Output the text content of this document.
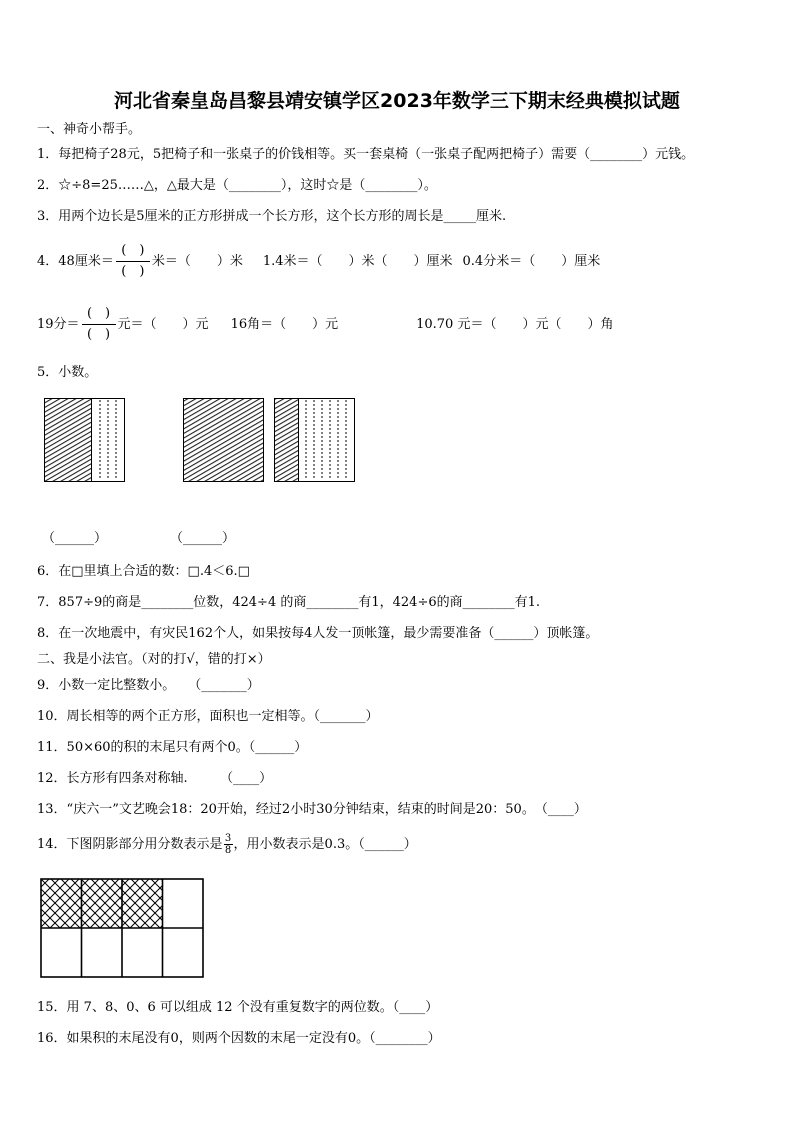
河北省秦皇岛昌黎县靖安镇学区2023年数学三下期末经典模拟试题
一、神奇小帮手。
1．每把椅子28元，5把椅子和一张桌子的价钱相等。买一套桌椅（一张桌子配两把椅子）需要（________）元钱。
2．☆÷8=25……△，△最大是（________），这时☆是（________）。
3．用两个边长是5厘米的正方形拼成一个长方形，这个长方形的周长是_____厘米.
4．48厘米＝ $\frac{( )}{( )}$ 米＝（　　）米 1.4米＝（　　）米（　　）厘米 0.4分米＝（　　）厘米
19分＝ $\frac{( )}{( )}$ 元＝（　　）元 16角＝（　　）元	10.70 元＝（　　）元（　　）角
5．小数。
（______）	（______）
6．在□里填上合适的数：□.4＜6.□
7．857÷9的商是________位数，424÷4 的商________有1，424÷6的商________有1.
8．在一次地震中，有灾民162个人，如果按每4人发一顶帐篷，最少需要准备（______）顶帐篷。
二、我是小法官。（对的打√，错的打×）
9．小数一定比整数小。　　（_______）
10．周长相等的两个正方形，面积也一定相等。（_______）
11．50×60的积的末尾只有两个0。（______）
12．长方形有四条对称轴.　　　（____）
13．“庆六一”文艺晚会18：20开始，经过2小时30分钟结束，结束的时间是20：50。　（____）
14．下图阴影部分用分数表示是 $\frac{3}{8}$ ，用小数表示是0.3。（______）
15．用 7、8、0、6 可以组成 12 个没有重复数字的两位数。（____）
16．如果积的末尾没有0，则两个因数的末尾一定没有0。（________）
